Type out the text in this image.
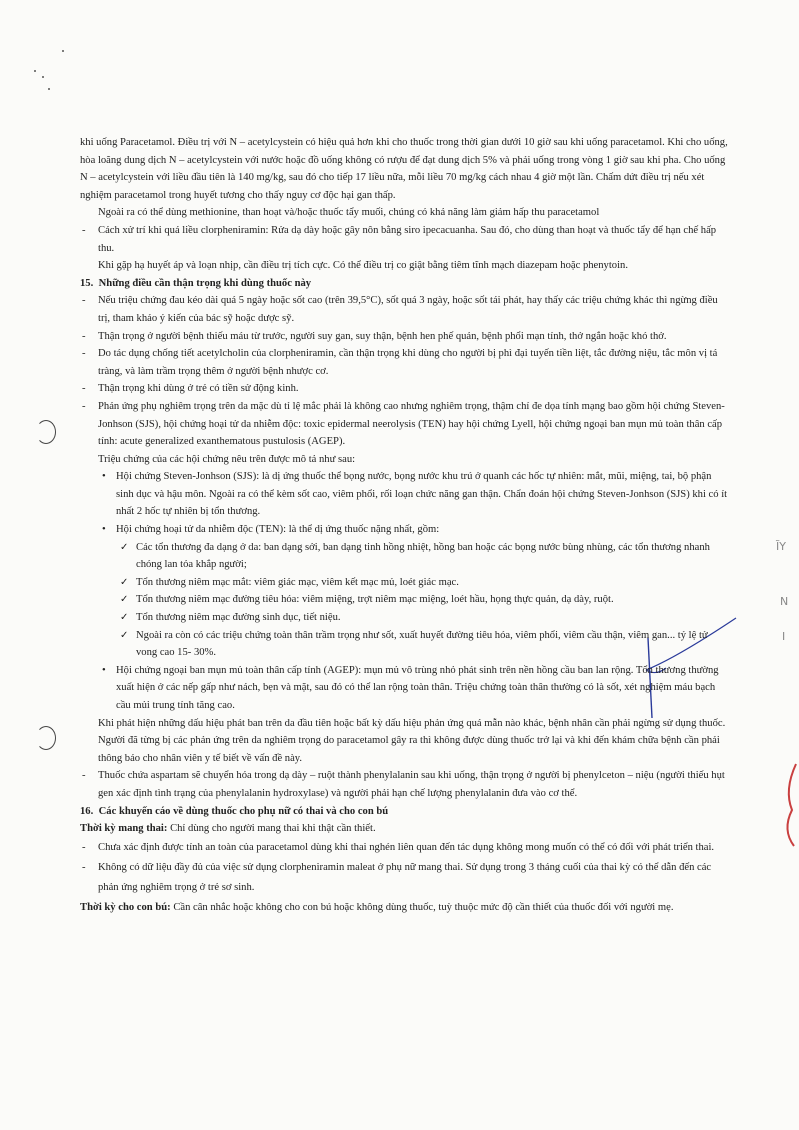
ĨY
N
I

khi uống Paracetamol. Điều trị với N – acetylcystein có hiệu quả hơn khi cho thuốc trong thời gian dưới 10 giờ sau khi uống paracetamol. Khi cho uống, hòa loãng dung dịch N – acetylcystein với nước hoặc đồ uống không có rượu để đạt dung dịch 5% và phải uống trong vòng 1 giờ sau khi pha. Cho uống N – acetylcystein với liều đầu tiên là 140 mg/kg, sau đó cho tiếp 17 liều nữa, mỗi liều 70 mg/kg cách nhau 4 giờ một lần. Chấm dứt điều trị nếu xét nghiệm paracetamol trong huyết tương cho thấy nguy cơ độc hại gan thấp.

Ngoài ra có thể dùng methionine, than hoạt và/hoặc thuốc tẩy muối, chúng có khả năng làm giảm hấp thu paracetamol

- Cách xử trí khi quá liều clorpheniramin: Rửa dạ dày hoặc gây nôn bằng siro ipecacuanha. Sau đó, cho dùng than hoạt và thuốc tẩy để hạn chế hấp thu.

Khi gặp hạ huyết áp và loạn nhịp, cần điều trị tích cực. Có thể điều trị co giật bằng tiêm tĩnh mạch diazepam hoặc phenytoin.

15. Những điều cần thận trọng khi dùng thuốc này

- Nếu triệu chứng đau kéo dài quá 5 ngày hoặc sốt cao (trên 39,5°C), sốt quá 3 ngày, hoặc sốt tái phát, hay thấy các triệu chứng khác thì ngừng điều trị, tham khảo ý kiến của bác sỹ hoặc dược sỹ.

- Thận trọng ở người bệnh thiếu máu từ trước, người suy gan, suy thận, bệnh hen phế quản, bệnh phổi mạn tính, thở ngắn hoặc khó thở.

- Do tác dụng chống tiết acetylcholin của clorpheniramin, cần thận trọng khi dùng cho người bị phì đại tuyến tiền liệt, tắc đường niệu, tắc môn vị tá tràng, và làm trầm trọng thêm ở người bệnh nhược cơ.

- Thận trọng khi dùng ở trẻ có tiền sử động kinh.

- Phản ứng phụ nghiêm trọng trên da mặc dù tỉ lệ mắc phải là không cao nhưng nghiêm trọng, thậm chí đe dọa tính mạng bao gồm hội chứng Steven- Jonhson (SJS), hội chứng hoại tử da nhiễm độc: toxic epidermal neerolysis (TEN) hay hội chứng Lyell, hội chứng ngoại ban mụn mủ toàn thân cấp tính: acute generalized exanthematous pustulosis (AGEP).

Triệu chứng của các hội chứng nêu trên được mô tả như sau:

• Hội chứng Steven-Jonhson (SJS): là dị ứng thuốc thể bọng nước, bọng nước khu trú ở quanh các hốc tự nhiên: mắt, mũi, miệng, tai, bộ phận sinh dục và hậu môn. Ngoài ra có thể kèm sốt cao, viêm phổi, rối loạn chức năng gan thận. Chẩn đoán hội chứng Steven-Jonhson (SJS) khi có ít nhất 2 hốc tự nhiên bị tổn thương.

• Hội chứng hoại tử da nhiễm độc (TEN): là thể dị ứng thuốc nặng nhất, gồm:

✓ Các tổn thương đa dạng ở da: ban dạng sởi, ban dạng tinh hồng nhiệt, hồng ban hoặc các bọng nước bùng nhùng, các tổn thương nhanh chóng lan tỏa khắp người;

✓ Tổn thương niêm mạc mắt: viêm giác mạc, viêm kết mạc mủ, loét giác mạc.

✓ Tổn thương niêm mạc đường tiêu hóa: viêm miệng, trợt niêm mạc miệng, loét hầu, họng thực quản, dạ dày, ruột.

✓ Tổn thương niêm mạc đường sinh dục, tiết niệu.

✓ Ngoài ra còn có các triệu chứng toàn thân trầm trọng như sốt, xuất huyết đường tiêu hóa, viêm phổi, viêm cầu thận, viêm gan... tỷ lệ tử vong cao 15- 30%.

• Hội chứng ngoại ban mụn mủ toàn thân cấp tính (AGEP): mụn mủ vô trùng nhỏ phát sinh trên nền hồng cầu ban lan rộng. Tổn thương thường xuất hiện ở các nếp gấp như nách, bẹn và mặt, sau đó có thể lan rộng toàn thân. Triệu chứng toàn thân thường có là sốt, xét nghiệm máu bạch cầu mủi trung tính tăng cao.

Khi phát hiện những dấu hiệu phát ban trên da đầu tiên hoặc bất kỳ dấu hiệu phản ứng quá mẫn nào khác, bệnh nhân cần phải ngừng sử dụng thuốc. Người đã từng bị các phản ứng trên da nghiêm trọng do paracetamol gây ra thì không được dùng thuốc trở lại và khi đến khám chữa bệnh cần phải thông báo cho nhân viên y tế biết về vấn đề này.

- Thuốc chứa aspartam sẽ chuyển hóa trong dạ dày – ruột thành phenylalanin sau khi uống, thận trọng ở người bị phenylceton – niệu (người thiếu hụt gen xác định tình trạng của phenylalanin hydroxylase) và người phải hạn chế lượng phenylalanin đưa vào cơ thể.

16. Các khuyến cáo về dùng thuốc cho phụ nữ có thai và cho con bú

Thời kỳ mang thai: Chỉ dùng cho người mang thai khi thật cần thiết.

- Chưa xác định được tính an toàn của paracetamol dùng khi thai nghén liên quan đến tác dụng không mong muốn có thể có đối với phát triển thai.

- Không có dữ liệu đầy đủ của việc sử dụng clorpheniramin maleat ở phụ nữ mang thai. Sử dụng trong 3 tháng cuối của thai kỳ có thể dẫn đến các phản ứng nghiêm trọng ở trẻ sơ sinh.

Thời kỳ cho con bú: Cần cân nhắc hoặc không cho con bú hoặc không dùng thuốc, tuỳ thuộc mức độ cần thiết của thuốc đối với người mẹ.
